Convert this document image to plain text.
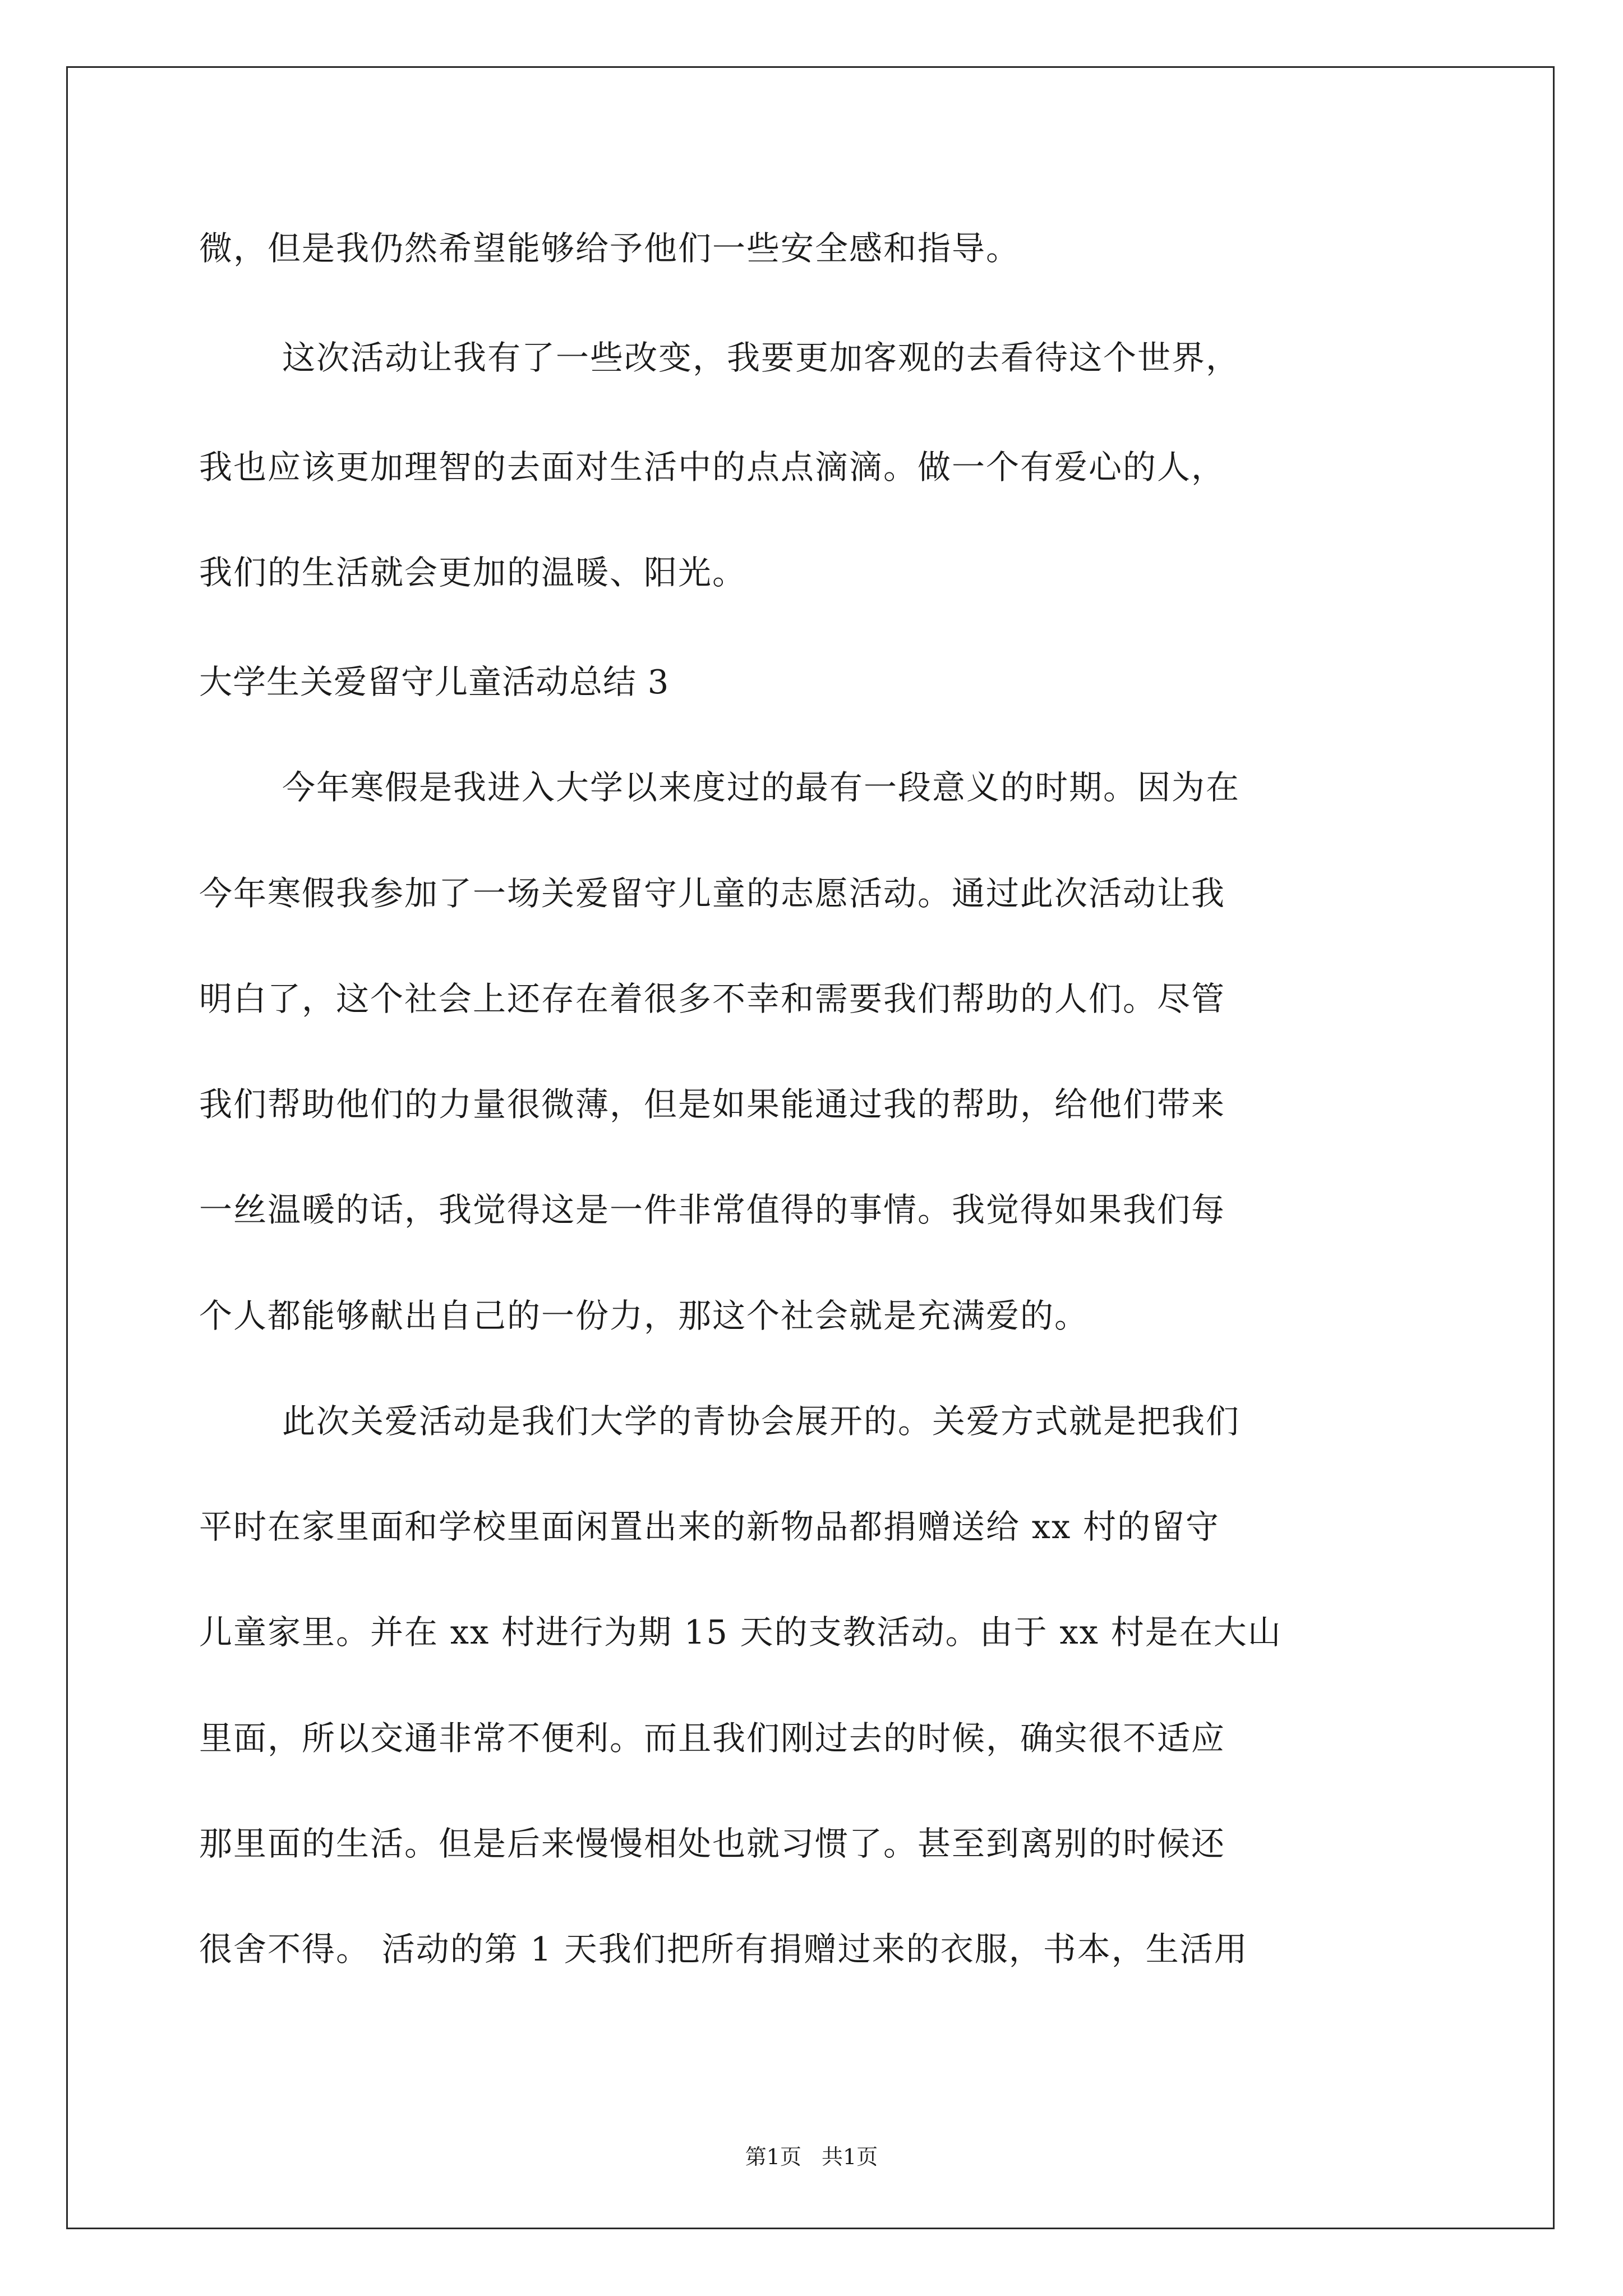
微，但是我仍然希望能够给予他们一些安全感和指导。
这次活动让我有了一些改变，我要更加客观的去看待这个世界，
我也应该更加理智的去面对生活中的点点滴滴。做一个有爱心的人，
我们的生活就会更加的温暖、阳光。
大学生关爱留守儿童活动总结 3
今年寒假是我进入大学以来度过的最有一段意义的时期。因为在
今年寒假我参加了一场关爱留守儿童的志愿活动。通过此次活动让我
明白了，这个社会上还存在着很多不幸和需要我们帮助的人们。尽管
我们帮助他们的力量很微薄，但是如果能通过我的帮助，给他们带来
一丝温暖的话，我觉得这是一件非常值得的事情。我觉得如果我们每
个人都能够献出自己的一份力，那这个社会就是充满爱的。
此次关爱活动是我们大学的青协会展开的。关爱方式就是把我们
平时在家里面和学校里面闲置出来的新物品都捐赠送给 xx 村的留守
儿童家里。并在 xx 村进行为期 15 天的支教活动。由于 xx 村是在大山
里面，所以交通非常不便利。而且我们刚过去的时候，确实很不适应
那里面的生活。但是后来慢慢相处也就习惯了。甚至到离别的时候还
很舍不得。 活动的第 1 天我们把所有捐赠过来的衣服，书本，生活用
第1页 共1页
